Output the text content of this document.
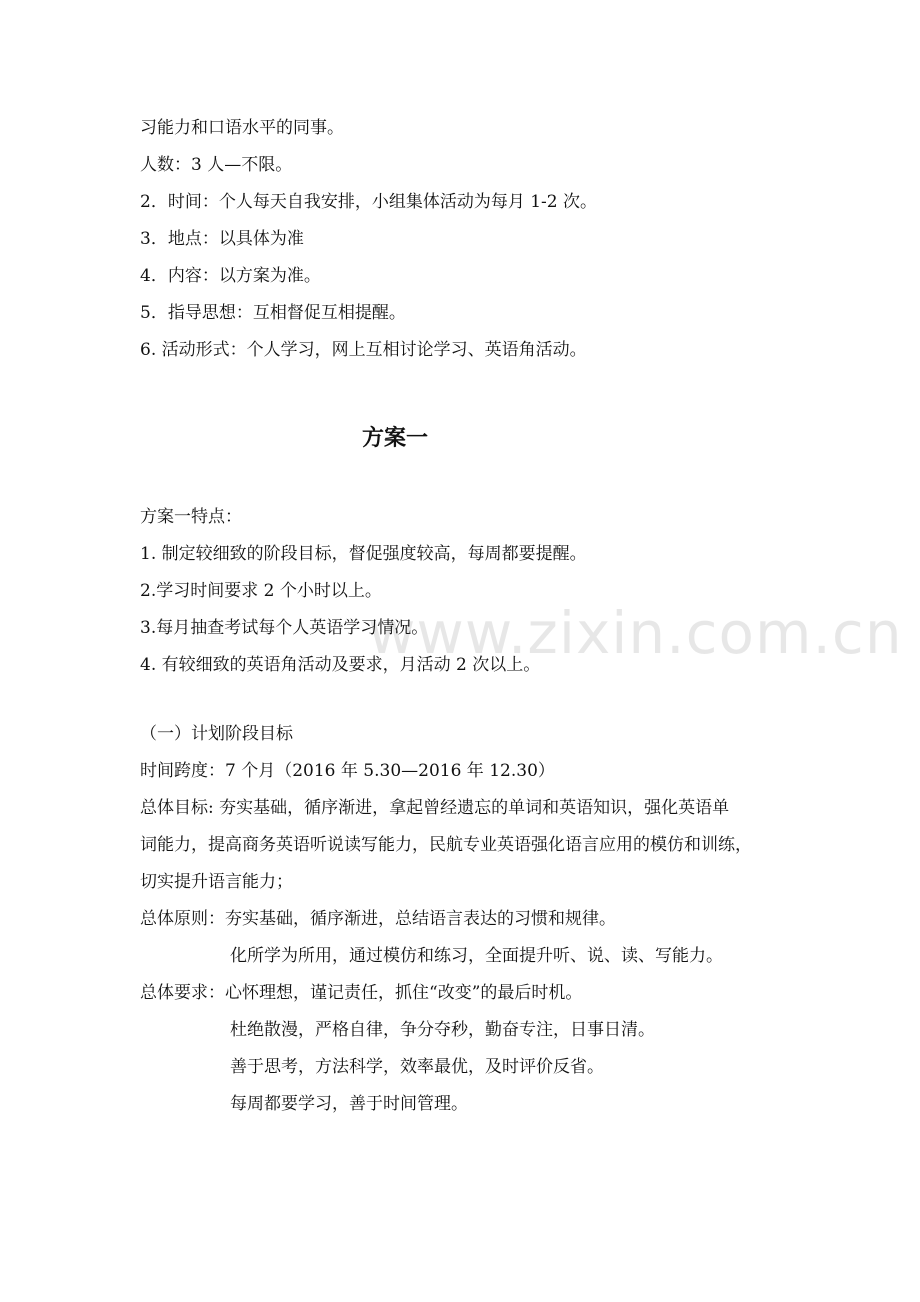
习能力和口语水平的同事。
人数：3 人—不限。
2．时间：个人每天自我安排，小组集体活动为每月 1-2 次。
3．地点：以具体为准
4．内容：以方案为准。
5．指导思想：互相督促互相提醒。
6. 活动形式：个人学习，网上互相讨论学习、英语角活动。
方案一
方案一特点：
1. 制定较细致的阶段目标，督促强度较高，每周都要提醒。
2.学习时间要求 2 个小时以上。
3.每月抽查考试每个人英语学习情况。
4. 有较细致的英语角活动及要求，月活动 2 次以上。
（一）计划阶段目标
时间跨度：7 个月（2016 年 5.30—2016 年 12.30）
总体目标: 夯实基础，循序渐进，拿起曾经遗忘的单词和英语知识，强化英语单
词能力，提高商务英语听说读写能力，民航专业英语强化语言应用的模仿和训练，
切实提升语言能力；
总体原则：夯实基础，循序渐进，总结语言表达的习惯和规律。
化所学为所用，通过模仿和练习，全面提升听、说、读、写能力。
总体要求：心怀理想，谨记责任，抓住“改变”的最后时机。
杜绝散漫，严格自律，争分夺秒，勤奋专注，日事日清。
善于思考，方法科学，效率最优，及时评价反省。
每周都要学习，善于时间管理。
www.zixin.com.cn
